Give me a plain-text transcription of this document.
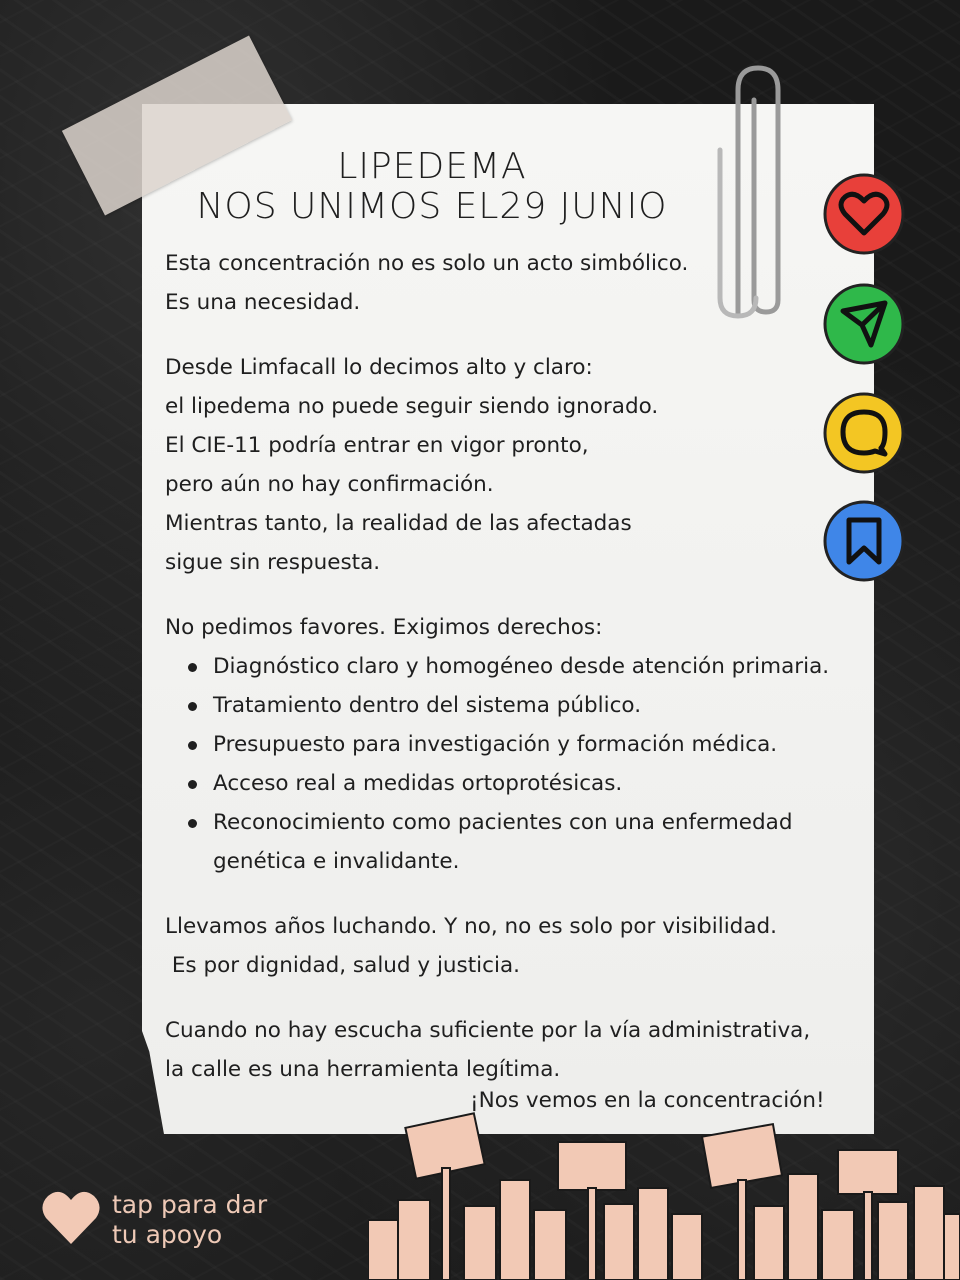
LIPEDEMA
NOS UNIMOS EL29 JUNIO

Esta concentración no es solo un acto simbólico.

Es una necesidad.

Desde Limfacall lo decimos alto y claro:

el lipedema no puede seguir siendo ignorado.

El CIE-11 podría entrar en vigor pronto,

pero aún no hay confirmación.

Mientras tanto, la realidad de las afectadas

sigue sin respuesta.

No pedimos favores. Exigimos derechos:

Diagnóstico claro y homogéneo desde atención primaria.
Tratamiento dentro del sistema público.
Presupuesto para investigación y formación médica.
Acceso real a medidas ortoprotésicas.
Reconocimiento como pacientes con una enfermedad
genética e invalidante.

Llevamos años luchando. Y no, no es solo por visibilidad.

Es por dignidad, salud y justicia.

Cuando no hay escucha suficiente por la vía administrativa,

la calle es una herramienta legítima.

¡Nos vemos en la concentración!
tap para dar
tu apoyo
